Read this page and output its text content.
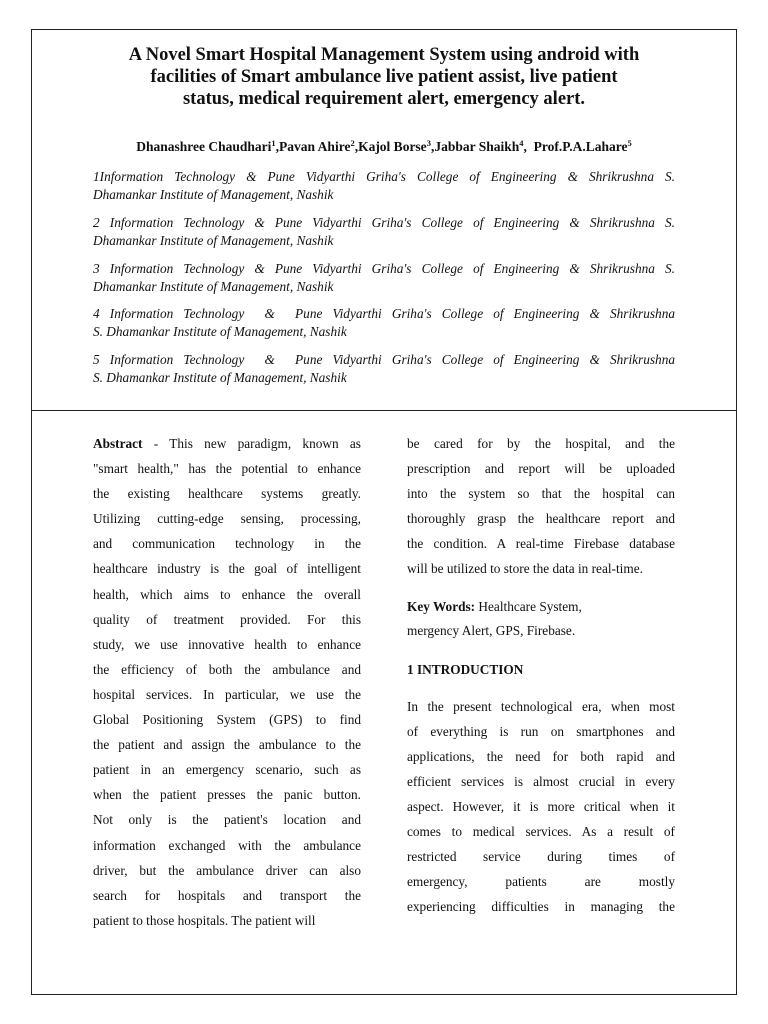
A Novel Smart Hospital Management System using android with
facilities of Smart ambulance live patient assist, live patient
status, medical requirement alert, emergency alert.
Dhanashree Chaudhari$^1$,Pavan Ahire$^2$,Kajol Borse$^3$,Jabbar Shaikh$^4$,  Prof.P.A.Lahare$^5$
1Information Technology & Pune Vidyarthi Griha's College of Engineering & Shrikrushna S.
Dhamankar Institute of Management, Nashik
2 Information Technology & Pune Vidyarthi Griha's College of Engineering & Shrikrushna S.
Dhamankar Institute of Management, Nashik
3 Information Technology & Pune Vidyarthi Griha's College of Engineering & Shrikrushna S.
Dhamankar Institute of Management, Nashik
4 Information Technology  &  Pune Vidyarthi Griha's College of Engineering & Shrikrushna
S. Dhamankar Institute of Management, Nashik
5 Information Technology  &  Pune Vidyarthi Griha's College of Engineering & Shrikrushna
S. Dhamankar Institute of Management, Nashik
Abstract - This new paradigm, known as
"smart health," has the potential to enhance
the existing healthcare systems greatly.
Utilizing cutting-edge sensing, processing,
and communication technology in the
healthcare industry is the goal of intelligent
health, which aims to enhance the overall
quality of treatment provided. For this
study, we use innovative health to enhance
the efficiency of both the ambulance and
hospital services. In particular, we use the
Global Positioning System (GPS) to find
the patient and assign the ambulance to the
patient in an emergency scenario, such as
when the patient presses the panic button.
Not only is the patient's location and
information exchanged with the ambulance
driver, but the ambulance driver can also
search for hospitals and transport the
patient to those hospitals. The patient will
be cared for by the hospital, and the
prescription and report will be uploaded
into the system so that the hospital can
thoroughly grasp the healthcare report and
the condition. A real-time Firebase database
will be utilized to store the data in real-time.
Key Words: Healthcare System,
mergency Alert, GPS, Firebase.
1 INTRODUCTION
In the present technological era, when most
of everything is run on smartphones and
applications, the need for both rapid and
efficient services is almost crucial in every
aspect. However, it is more critical when it
comes to medical services. As a result of
restricted service during times of
emergency, patients are mostly
experiencing difficulties in managing the
